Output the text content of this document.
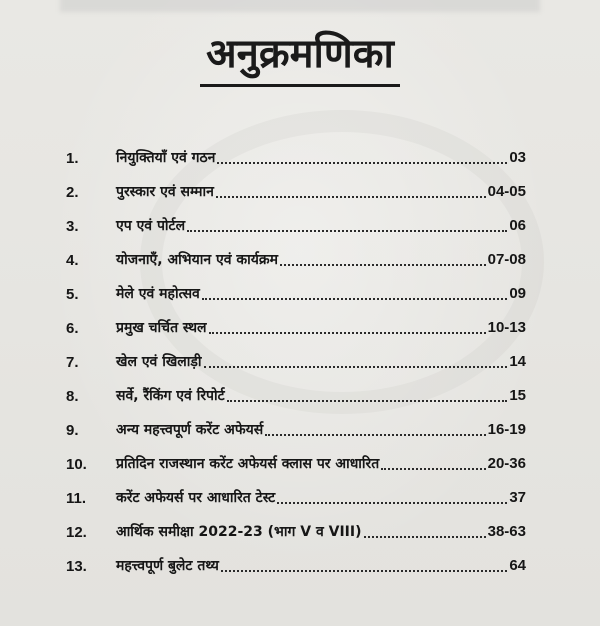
अनुक्रमणिका
1.	नियुक्तियाँ एवं गठन	03
2.	पुरस्कार एवं सम्मान	04-05
3.	एप एवं पोर्टल	06
4.	योजनाएँ, अभियान एवं कार्यक्रम	07-08
5.	मेले एवं महोत्सव	09
6.	प्रमुख चर्चित स्थल	10-13
7.	खेल एवं खिलाड़ी	14
8.	सर्वे, रैंकिंग एवं रिपोर्ट	15
9.	अन्य महत्त्वपूर्ण करेंट अफेयर्स	16-19
10. प्रतिदिन राजस्थान करेंट अफेयर्स क्लास पर आधारित	20-36
11. करेंट अफेयर्स पर आधारित टेस्ट	37
12. आर्थिक समीक्षा 2022-23 (भाग V व VIII)	38-63
13. महत्त्वपूर्ण बुलेट तथ्य	64
